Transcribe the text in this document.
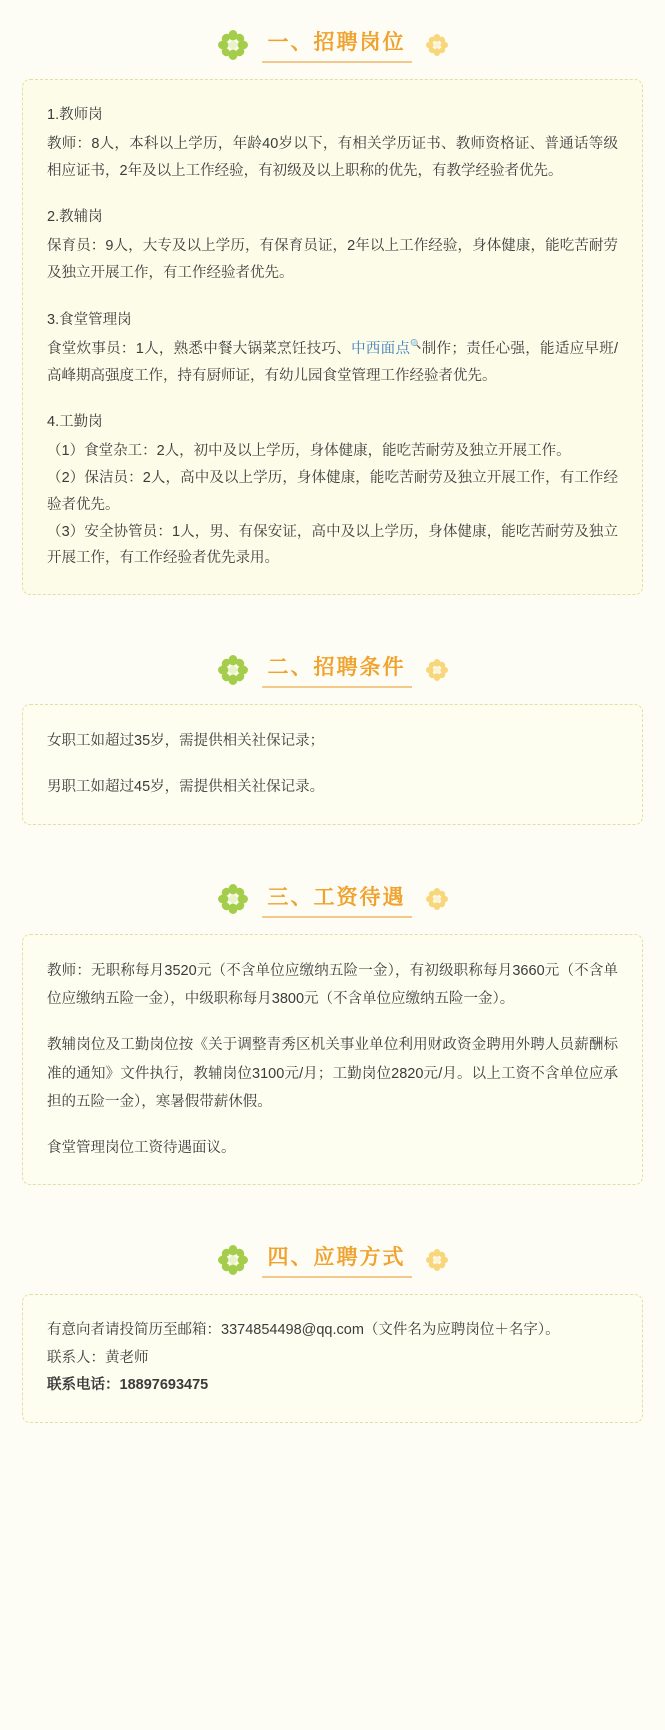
一、招聘岗位
1.教师岗
教师：8人，本科以上学历，年龄40岁以下，有相关学历证书、教师资格证、普通话等级相应证书，2年及以上工作经验，有初级及以上职称的优先，有教学经验者优先。
2.教辅岗
保育员：9人，大专及以上学历，有保育员证，2年以上工作经验，身体健康，能吃苦耐劳及独立开展工作，有工作经验者优先。
3.食堂管理岗
食堂炊事员：1人，熟悉中餐大锅菜烹饪技巧、中西面点🔍制作；责任心强，能适应早班/高峰期高强度工作，持有厨师证，有幼儿园食堂管理工作经验者优先。
4.工勤岗
（1）食堂杂工：2人，初中及以上学历，身体健康，能吃苦耐劳及独立开展工作。
（2）保洁员：2人，高中及以上学历，身体健康，能吃苦耐劳及独立开展工作，有工作经验者优先。
（3）安全协管员：1人，男、有保安证，高中及以上学历，身体健康，能吃苦耐劳及独立开展工作，有工作经验者优先录用。
二、招聘条件
女职工如超过35岁，需提供相关社保记录；
男职工如超过45岁，需提供相关社保记录。
三、工资待遇
教师：无职称每月3520元（不含单位应缴纳五险一金），有初级职称每月3660元（不含单位应缴纳五险一金），中级职称每月3800元（不含单位应缴纳五险一金）。
教辅岗位及工勤岗位按《关于调整青秀区机关事业单位利用财政资金聘用外聘人员薪酬标准的通知》文件执行，教辅岗位3100元/月；工勤岗位2820元/月。以上工资不含单位应承担的五险一金），寒暑假带薪休假。
食堂管理岗位工资待遇面议。
四、应聘方式
有意向者请投简历至邮箱：3374854498@qq.com（文件名为应聘岗位＋名字）。
联系人：黄老师
联系电话：18897693475
